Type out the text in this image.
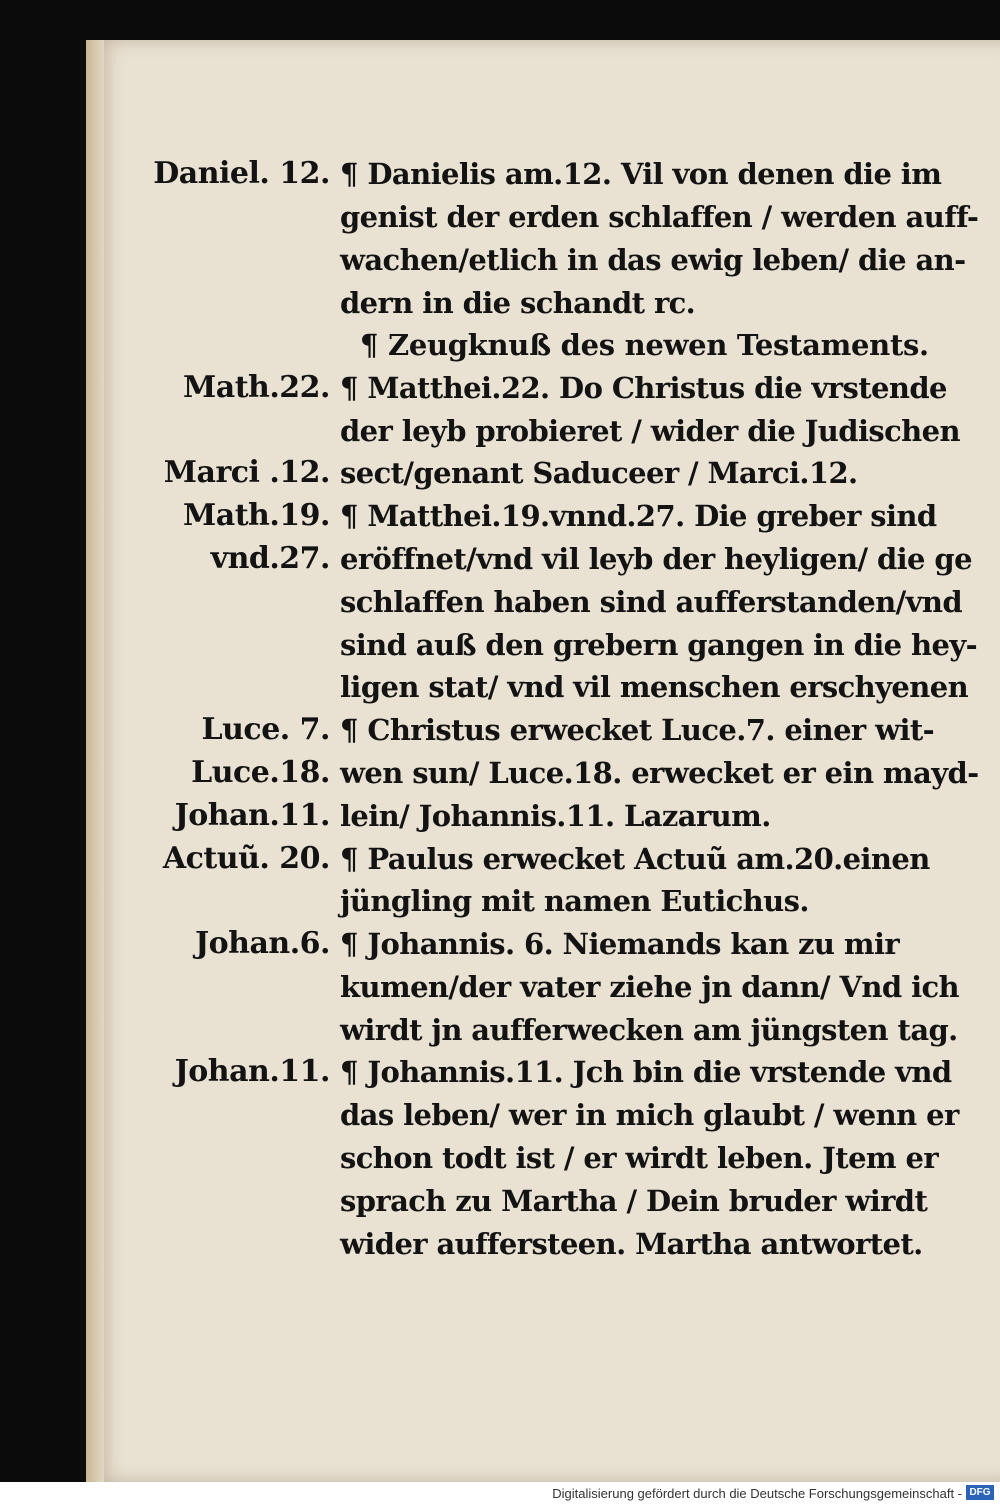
Daniel. 12.
Math.22.
Marci .12.
Math.19.
vnd.27.
Luce. 7.
Luce.18.
Johan.11.
Actuũ. 20.
Johan.6.
Johan.11.
¶ Danielis am.12. Vil von denen die im
genist der erden schlaffen / werden auff-
wachen/etlich in das ewig leben/ die an-
dern in die schandt rc.
¶ Zeugknuß des newen Testaments.
¶ Matthei.22. Do Christus die vrstende
der leyb probieret / wider die Judischen
sect/genant Saduceer / Marci.12.
¶ Matthei.19.vnnd.27. Die greber sind
eröffnet/vnd vil leyb der heyligen/ die ge
schlaffen haben sind aufferstanden/vnd
sind auß den grebern gangen in die hey-
ligen stat/ vnd vil menschen erschyenen
¶ Christus erwecket Luce.7. einer wit-
wen sun/ Luce.18. erwecket er ein mayd-
lein/ Johannis.11. Lazarum.
¶ Paulus erwecket Actuũ am.20.einen
jüngling mit namen Eutichus.
¶ Johannis. 6. Niemands kan zu mir
kumen/der vater ziehe jn dann/ Vnd ich
wirdt jn aufferwecken am jüngsten tag.
¶ Johannis.11. Jch bin die vrstende vnd
das leben/ wer in mich glaubt / wenn er
schon todt ist / er wirdt leben. Jtem er
sprach zu Martha / Dein bruder wirdt
wider auffersteen. Martha antwortet.
Digitalisierung gefördert durch die Deutsche Forschungsgemeinschaft - DFG
